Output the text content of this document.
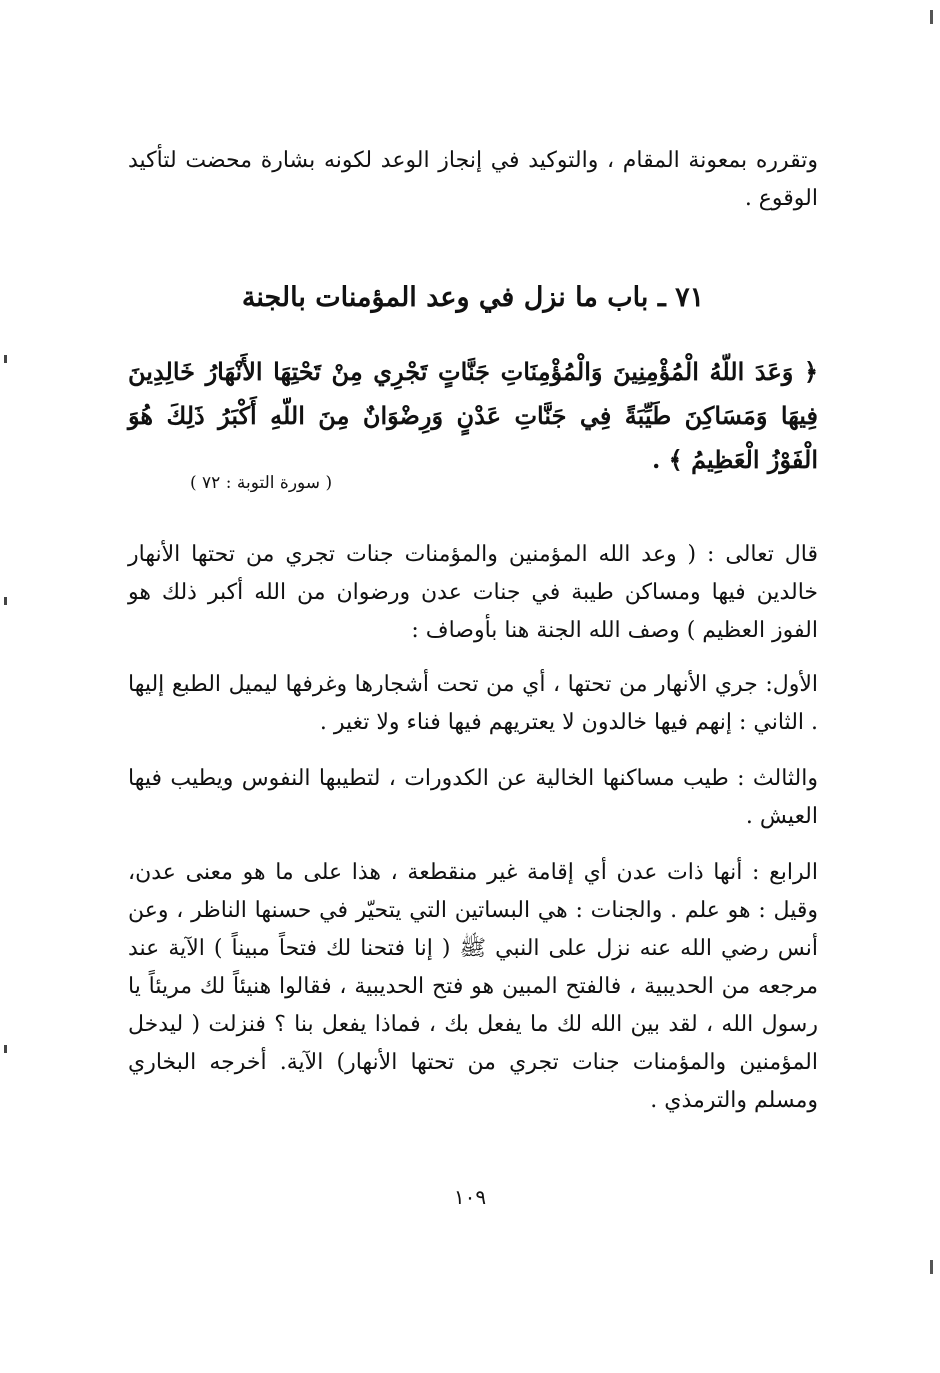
وتقرره بمعونة المقام ، والتوكيد في إنجاز الوعد لكونه بشارة محضت لتأكيد الوقوع .
٧١ ـ باب ما نزل في وعد المؤمنات بالجنة
﴿ وَعَدَ اللّهُ الْمُؤْمِنِينَ وَالْمُؤْمِنَاتِ جَنَّاتٍ تَجْرِي مِنْ تَحْتِهَا الأَنْهَارُ خَالِدِينَ فِيهَا وَمَسَاكِنَ طَيِّبَةً فِي جَنَّاتِ عَدْنٍ وَرِضْوَانٌ مِنَ اللّهِ أَكْبَرُ ذَلِكَ هُوَ الْفَوْزُ الْعَظِيمُ ﴾ .
( سورة التوبة : ٧٢ )
قال تعالى : ( وعد الله المؤمنين والمؤمنات جنات تجري من تحتها الأنهار خالدين فيها ومساكن طيبة في جنات عدن ورضوان من الله أكبر ذلك هو الفوز العظيم ) وصف الله الجنة هنا بأوصاف :
الأول: جري الأنهار من تحتها ، أي من تحت أشجارها وغرفها ليميل الطبع إليها . الثاني : إنهم فيها خالدون لا يعتريهم فيها فناء ولا تغير .
والثالث : طيب مساكنها الخالية عن الكدورات ، لتطيبها النفوس ويطيب فيها العيش .
الرابع : أنها ذات عدن أي إقامة غير منقطعة ، هذا على ما هو معنى عدن، وقيل : هو علم . والجنات : هي البساتين التي يتحيّر في حسنها الناظر ، وعن أنس رضي الله عنه نزل على النبي ﷺ ( إنا فتحنا لك فتحاً مبيناً ) الآية عند مرجعه من الحديبية ، فالفتح المبين هو فتح الحديبية ، فقالوا هنيئاً لك مريئاً يا رسول الله ، لقد بين الله لك ما يفعل بك ، فماذا يفعل بنا ؟ فنزلت ( ليدخل المؤمنين والمؤمنات جنات تجري من تحتها الأنهار) الآية. أخرجه البخاري ومسلم والترمذي .
١٠٩
